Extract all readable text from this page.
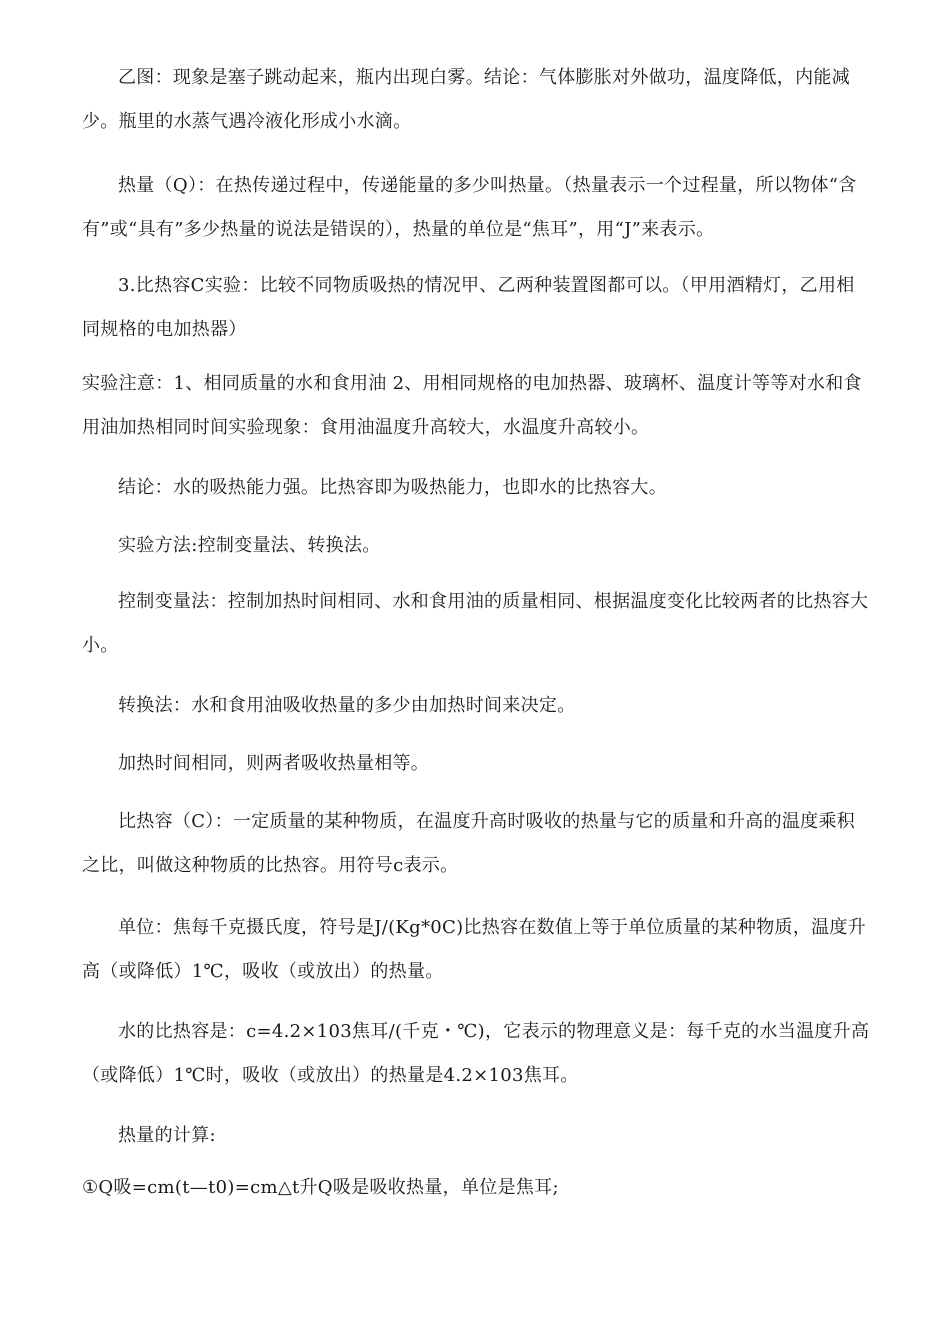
乙图：现象是塞子跳动起来，瓶内出现白雾。结论：气体膨胀对外做功，温度降低，内能减少。瓶里的水蒸气遇冷液化形成小水滴。

热量（Q）：在热传递过程中，传递能量的多少叫热量。（热量表示一个过程量，所以物体“含有”或“具有”多少热量的说法是错误的），热量的单位是“焦耳”，用“J”来表示。

3.比热容C实验：比较不同物质吸热的情况甲、乙两种装置图都可以。（甲用酒精灯，乙用相同规格的电加热器）

实验注意：1、相同质量的水和食用油 2、用相同规格的电加热器、玻璃杯、温度计等等对水和食用油加热相同时间实验现象：食用油温度升高较大，水温度升高较小。

结论：水的吸热能力强。比热容即为吸热能力，也即水的比热容大。

实验方法:控制变量法、转换法。

控制变量法：控制加热时间相同、水和食用油的质量相同、根据温度变化比较两者的比热容大小。

转换法：水和食用油吸收热量的多少由加热时间来决定。

加热时间相同，则两者吸收热量相等。

比热容（C）：一定质量的某种物质，在温度升高时吸收的热量与它的质量和升高的温度乘积之比，叫做这种物质的比热容。用符号c表示。

单位：焦每千克摄氏度，符号是J/(Kg*0C)比热容在数值上等于单位质量的某种物质，温度升高（或降低）1℃，吸收（或放出）的热量。

水的比热容是：c=4.2×103焦耳/(千克・℃)，它表示的物理意义是：每千克的水当温度升高（或降低）1℃时，吸收（或放出）的热量是4.2×103焦耳。

热量的计算:

①Q吸=cm(t—t0)=cm△t升Q吸是吸收热量，单位是焦耳;
